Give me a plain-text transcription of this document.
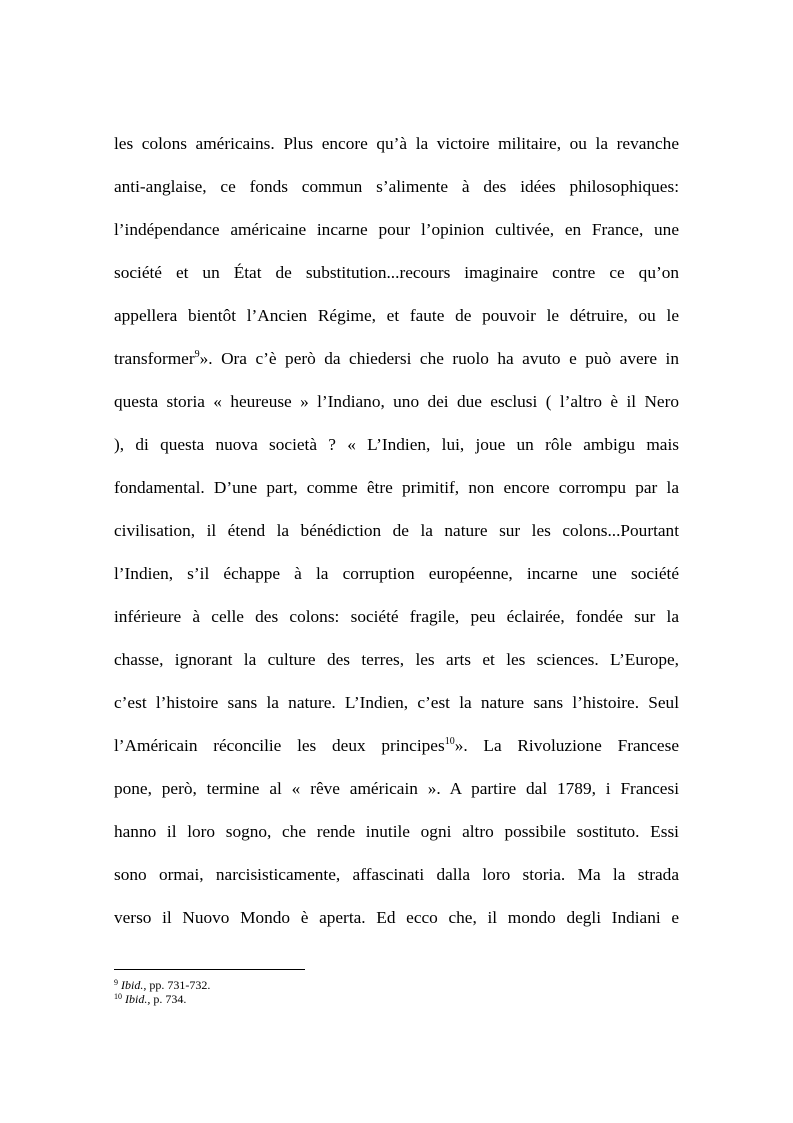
les colons américains. Plus encore qu’à la victoire militaire, ou la revanche
anti-anglaise, ce fonds commun s’alimente à des idées philosophiques:
l’indépendance américaine incarne pour l’opinion cultivée, en France, une
société et un État de substitution...recours imaginaire contre ce qu’on
appellera bientôt l’Ancien Régime, et faute de pouvoir le détruire, ou le
transformer$^9$». Ora c’è però da chiedersi che ruolo ha avuto e può avere in
questa storia « heureuse » l’Indiano, uno dei due esclusi ( l’altro è il Nero
), di questa nuova società ? « L’Indien, lui, joue un rôle ambigu mais
fondamental. D’une part, comme être primitif, non encore corrompu par la
civilisation, il étend la bénédiction de la nature sur les colons...Pourtant
l’Indien, s’il échappe à la corruption européenne, incarne une société
inférieure à celle des colons: société fragile, peu éclairée, fondée sur la
chasse, ignorant la culture des terres, les arts et les sciences. L’Europe,
c’est l’histoire sans la nature. L’Indien, c’est la nature sans l’histoire. Seul
l’Américain réconcilie les deux principes$^{10}$». La Rivoluzione Francese
pone, però, termine al « rêve américain ». A partire dal 1789, i Francesi
hanno il loro sogno, che rende inutile ogni altro possibile sostituto. Essi
sono ormai, narcisisticamente, affascinati dalla loro storia. Ma la strada
verso il Nuovo Mondo è aperta. Ed ecco che, il mondo degli Indiani e
$^9$ Ibid., pp. 731-732.
$^{10}$ Ibid., p. 734.
